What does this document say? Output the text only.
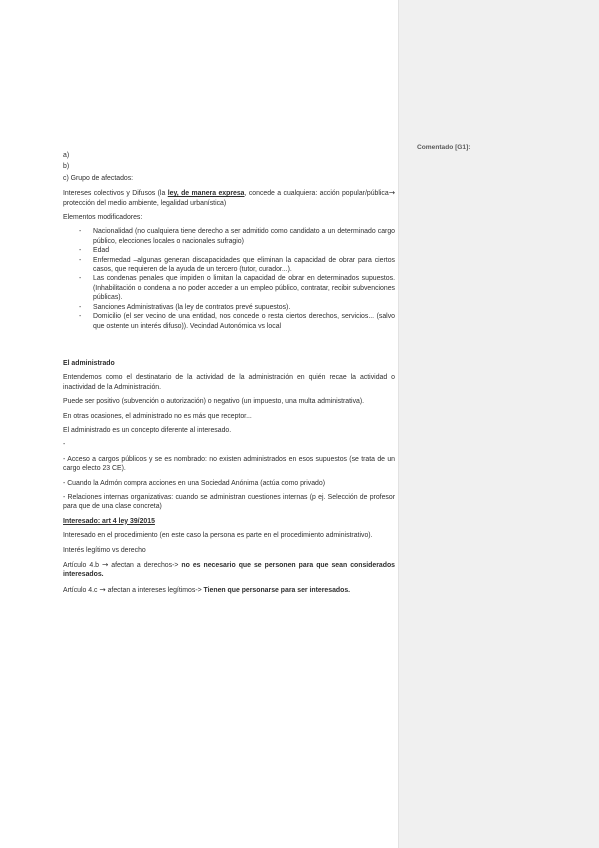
a)

b)

c) Grupo de afectados:

Intereses colectivos y Difusos (la ley, de manera expresa, concede a cualquiera: acción popular/pública→ protección del medio ambiente, legalidad urbanística)

Elementos modificadores:

- Nacionalidad (no cualquiera tiene derecho a ser admitido como candidato a un determinado cargo público, elecciones locales o nacionales sufragio)
- Edad
- Enfermedad –algunas generan discapacidades que eliminan la capacidad de obrar para ciertos casos, que requieren de la ayuda de un tercero (tutor, curador...).
- Las condenas penales que impiden o limitan la capacidad de obrar en determinados supuestos. (Inhabilitación o condena a no poder acceder a un empleo público, contratar, recibir subvenciones públicas).
- Sanciones Administrativas (la ley de contratos prevé supuestos).
- Domicilio (el ser vecino de una entidad, nos concede o resta ciertos derechos, servicios... (salvo que ostente un interés difuso)). Vecindad Autonómica vs local

El administrado

Entendemos como el destinatario de la actividad de la administración en quién recae la actividad o inactividad de la Administración.

Puede ser positivo (subvención o autorización) o negativo (un impuesto, una multa administrativa).

En otras ocasiones, el administrado no es más que receptor...

El administrado es un concepto diferente al interesado.

-

- Acceso a cargos públicos y se es nombrado: no existen administrados en esos supuestos (se trata de un cargo electo 23 CE).

- Cuando la Admón compra acciones en una Sociedad Anónima (actúa como privado)

- Relaciones internas organizativas: cuando se administran cuestiones internas (p ej. Selección de profesor para que de una clase concreta)

Interesado: art 4 ley 39/2015

Interesado en el procedimiento (en este caso la persona es parte en el procedimiento administrativo).

Interés legítimo vs derecho

Artículo 4.b → afectan a derechos-> no es necesario que se personen para que sean considerados interesados.

Artículo 4.c → afectan a intereses legítimos-> Tienen que personarse para ser interesados.

Comentado [G1]:
